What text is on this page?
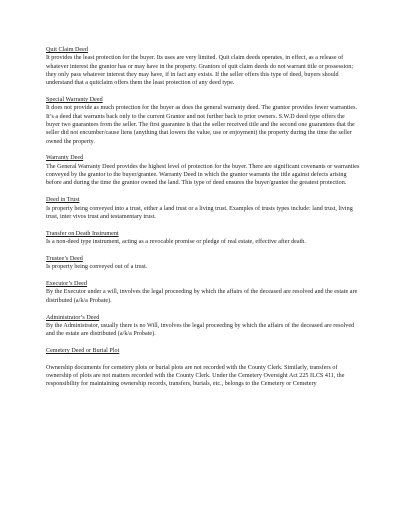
Quit Claim Deed

It provides the least protection for the buyer. Its uses are very limited. Quit claim deeds operates, in effect, as a release of whatever interest the grantor has or may have in the property. Grantors of quit claim deeds do not warrant title or possession; they only pass whatever interest they may have, if in fact any exists. If the seller offers this type of deed, buyers should understand that a quitclaim offers them the least protection of any deed type.

Special Warranty Deed

It does not provide as much protection for the buyer as does the general warranty deed. The grantor provides fewer warranties. It’s a deed that warrants back only to the current Grantor and not further back to prior owners. S.W.D deed type offers the buyer two guarantees from the seller. The first guarantee is that the seller received title and the second one guarantees that the seller did not encumber/cause liens (anything that lowers the value, use or enjoyment) the property during the time the seller owned the property.

Warranty Deed

The General Warranty Deed provides the highest level of protection for the buyer. There are significant covenants or warranties conveyed by the grantor to the buyer/grantee. Warranty Deed in which the grantor warrants the title against defects arising before and during the time the grantor owned the land. This type of deed ensures the buyer/grantee the greatest protection.

Deed in Trust

Is property being conveyed into a trust, either a land trust or a living trust. Examples of trusts types include: land trust, living trust, inter vivos trust and testamentary trust.

Transfer on Death Instrument

Is a non-deed type instrument, acting as a revocable promise or pledge of real estate, effective after death.

Trustee’s Deed

Is property being conveyed out of a trust.

Executor’s Deed

By the Executor under a will, involves the legal proceeding by which the affairs of the deceased are resolved and the estate are distributed (a/k/a Probate).

Administrator’s Deed

By the Administrator, usually there is no Will, involves the legal proceeding by which the affairs of the deceased are resolved and the estate are distributed (a/k/a Probate).

Cemetery Deed or Burial Plot

Ownership documents for cemetery plots or burial plots are not recorded with the County Clerk. Similarly, transfers of ownership of plots are not matters recorded with the County Clerk. Under the Cemetery Oversight Act 225 ILCS 411, the responsibility for maintaining ownership records, transfers, burials, etc., belongs to the Cemetery or Cemetery
